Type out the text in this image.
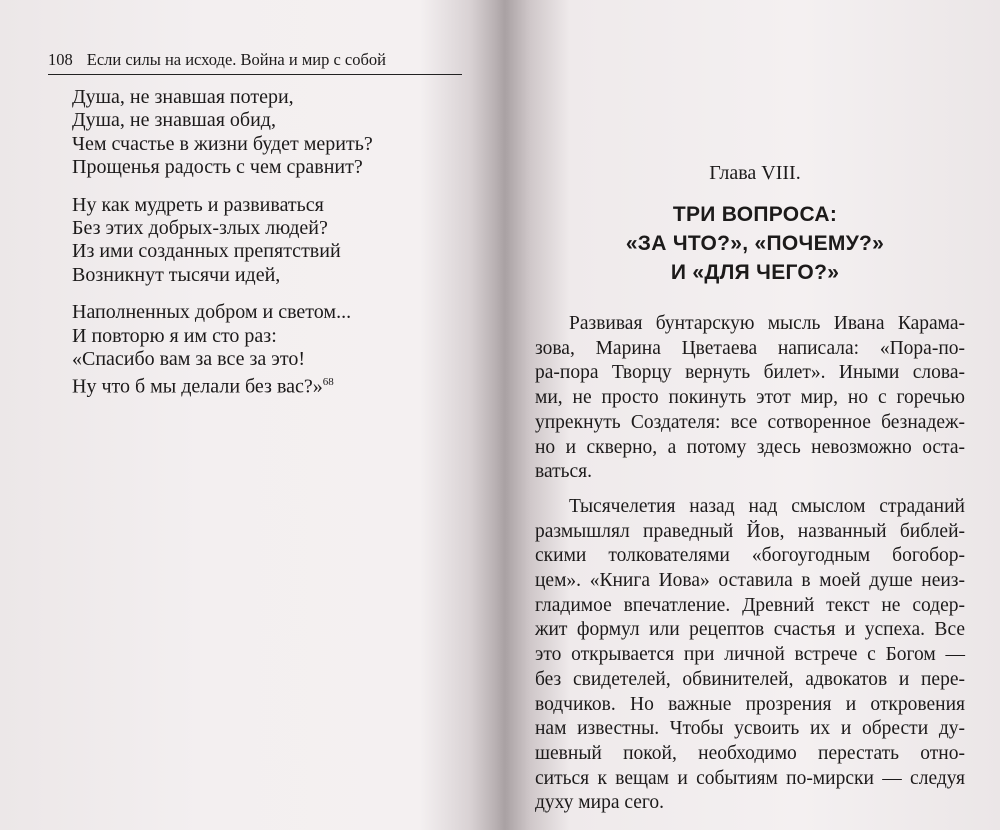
108 Если силы на исходе. Война и мир с собой
Душа, не знавшая потери,
Душа, не знавшая обид,
Чем счастье в жизни будет мерить?
Прощенья радость с чем сравнит?
Ну как мудреть и развиваться
Без этих добрых-злых людей?
Из ими созданных препятствий
Возникнут тысячи идей,
Наполненных добром и светом...
И повторю я им сто раз:
«Спасибо вам за все за это!
Ну что б мы делали без вас?»$^{68}$
Глава VIII.
ТРИ ВОПРОСА:
«ЗА ЧТО?», «ПОЧЕМУ?»
И «ДЛЯ ЧЕГО?»
Развивая бунтарскую мысль Ивана Карама-
зова, Марина Цветаева написала: «Пора-по-
ра-пора Творцу вернуть билет». Иными слова-
ми, не просто покинуть этот мир, но с горечью
упрекнуть Создателя: все сотворенное безнадеж-
но и скверно, а потому здесь невозможно оста-
ваться.
Тысячелетия назад над смыслом страданий
размышлял праведный Йов, названный библей-
скими толкователями «богоугодным богобор-
цем». «Книга Иова» оставила в моей душе неиз-
гладимое впечатление. Древний текст не содер-
жит формул или рецептов счастья и успеха. Все
это открывается при личной встрече с Богом —
без свидетелей, обвинителей, адвокатов и пере-
водчиков. Но важные прозрения и откровения
нам известны. Чтобы усвоить их и обрести ду-
шевный покой, необходимо перестать отно-
ситься к вещам и событиям по-мирски — следуя
духу мира сего.
